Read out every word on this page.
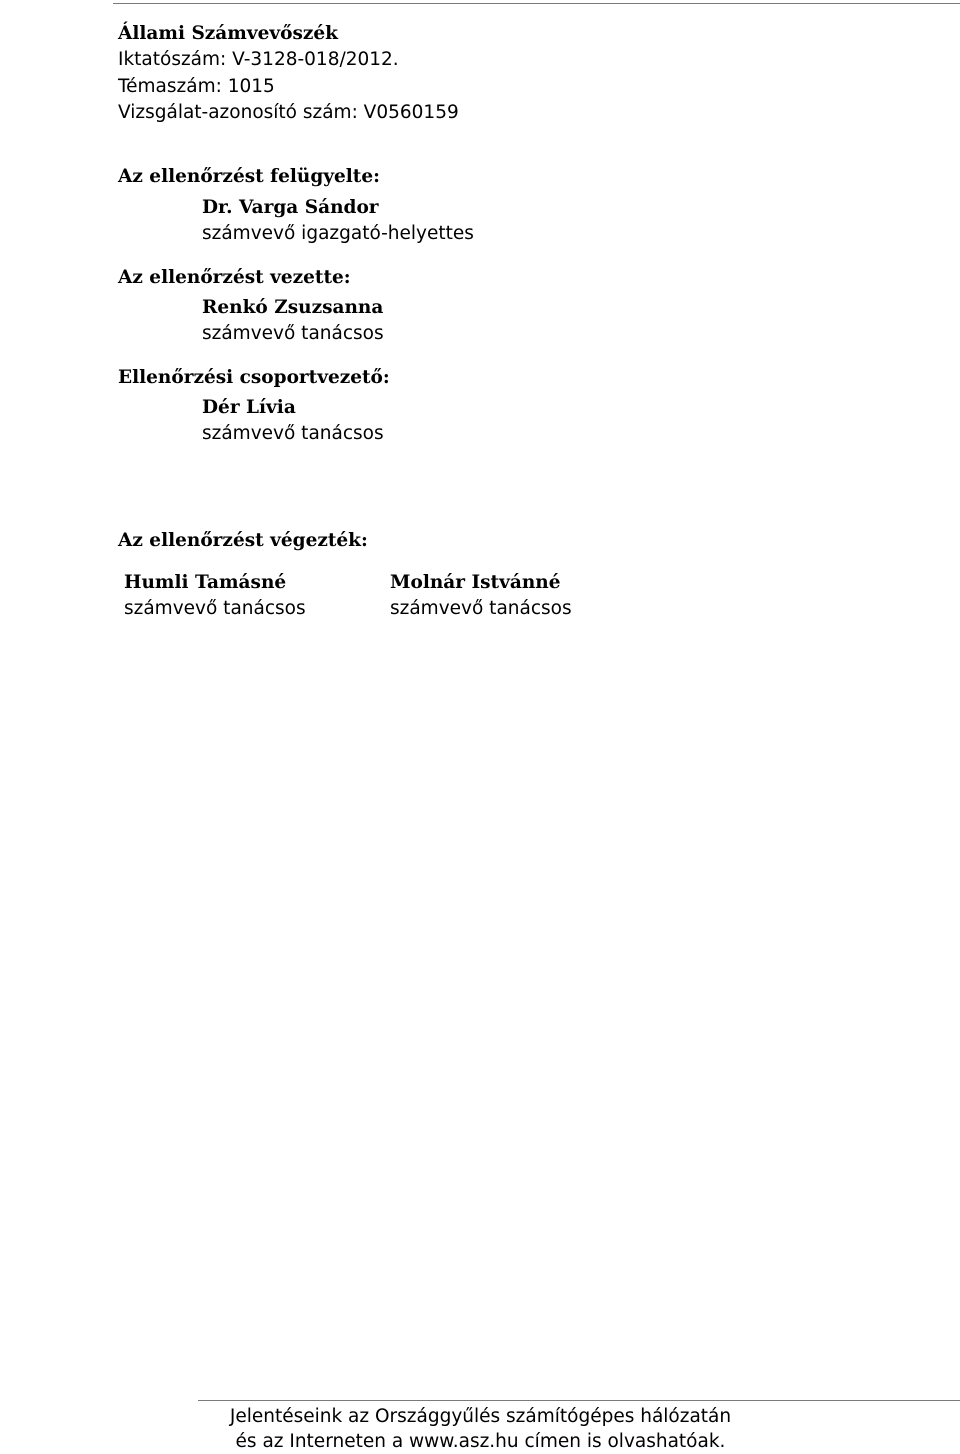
Állami Számvevőszék
Iktatószám: V-3128-018/2012.
Témaszám: 1015
Vizsgálat-azonosító szám: V0560159
Az ellenőrzést felügyelte:
Dr. Varga Sándor
számvevő igazgató-helyettes
Az ellenőrzést vezette:
Renkó Zsuzsanna
számvevő tanácsos
Ellenőrzési csoportvezető:
Dér Lívia
számvevő tanácsos
Az ellenőrzést végezték:
Humli Tamásné
számvevő tanácsos
Molnár Istvánné
számvevő tanácsos
Jelentéseink az Országgyűlés számítógépes hálózatán
és az Interneten a www.asz.hu címen is olvashatóak.
